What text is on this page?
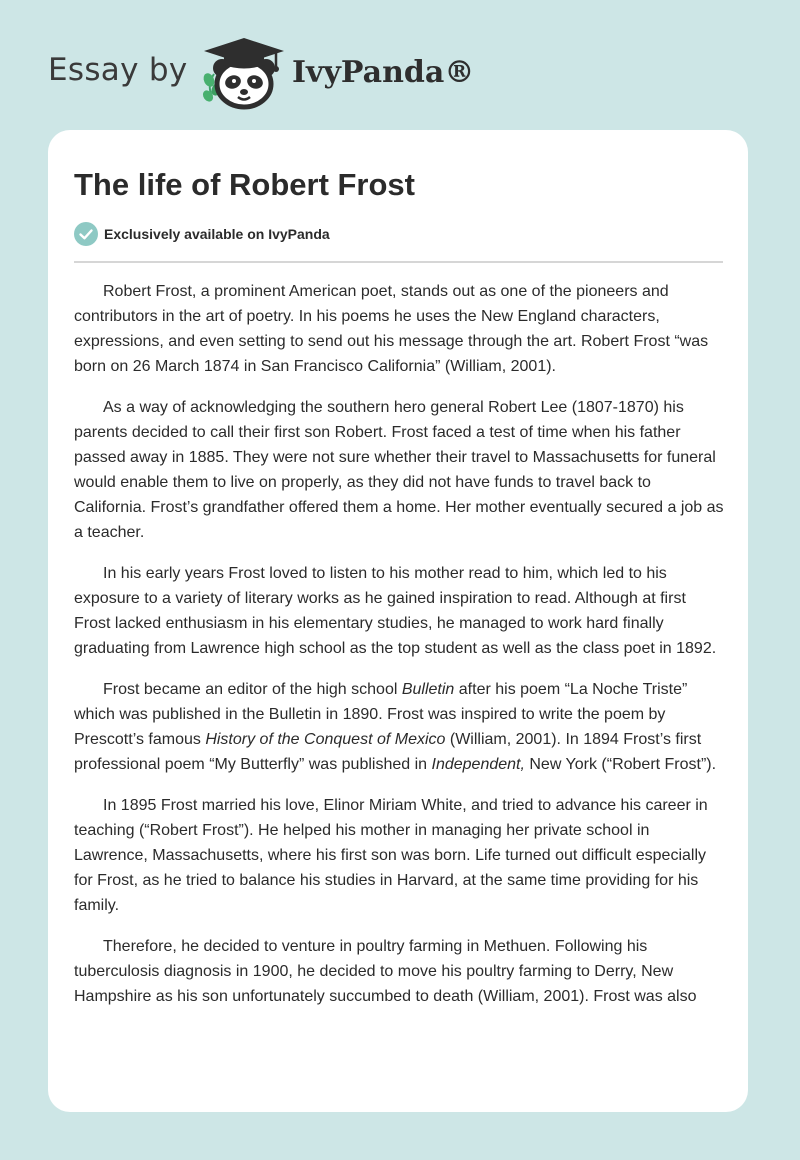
Essay by	IvyPanda®
The life of Robert Frost
Exclusively available on IvyPanda

Robert Frost, a prominent American poet, stands out as one of the pioneers and contributors in the art of poetry. In his poems he uses the New England characters, expressions, and even setting to send out his message through the art. Robert Frost “was born on 26 March 1874 in San Francisco California” (William, 2001).

As a way of acknowledging the southern hero general Robert Lee (1807-1870) his parents decided to call their first son Robert. Frost faced a test of time when his father passed away in 1885. They were not sure whether their travel to Massachusetts for funeral would enable them to live on properly, as they did not have funds to travel back to California. Frost’s grandfather offered them a home. Her mother eventually secured a job as a teacher.

In his early years Frost loved to listen to his mother read to him, which led to his exposure to a variety of literary works as he gained inspiration to read. Although at first Frost lacked enthusiasm in his elementary studies, he managed to work hard finally graduating from Lawrence high school as the top student as well as the class poet in 1892.

Frost became an editor of the high school Bulletin after his poem “La Noche Triste” which was published in the Bulletin in 1890. Frost was inspired to write the poem by Prescott’s famous History of the Conquest of Mexico (William, 2001). In 1894 Frost’s first professional poem “My Butterfly” was published in Independent, New York (“Robert Frost”).

In 1895 Frost married his love, Elinor Miriam White, and tried to advance his career in teaching (“Robert Frost”). He helped his mother in managing her private school in Lawrence, Massachusetts, where his first son was born. Life turned out difficult especially for Frost, as he tried to balance his studies in Harvard, at the same time providing for his family.

Therefore, he decided to venture in poultry farming in Methuen. Following his tuberculosis diagnosis in 1900, he decided to move his poultry farming to Derry, New Hampshire as his son unfortunately succumbed to death (William, 2001). Frost was also
